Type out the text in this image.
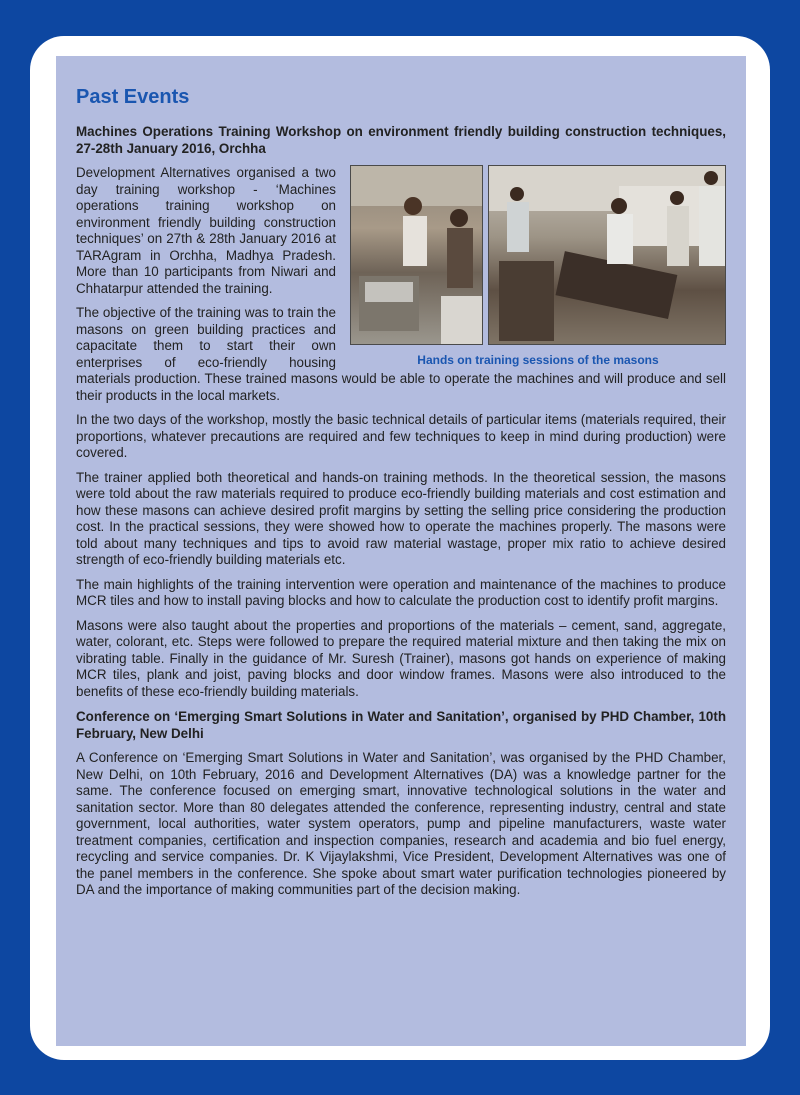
Past Events
Machines Operations Training Workshop on environment friendly building construction techniques, 27-28th January 2016, Orchha
Hands on training sessions of the masons

Development Alternatives organised a two day training workshop - ‘Machines operations training workshop on environment friendly building construction techniques’ on 27th & 28th January 2016 at TARAgram in Orchha, Madhya Pradesh. More than 10 participants from Niwari and Chhatarpur attended the training.

The objective of the training was to train the masons on green building practices and capacitate them to start their own enterprises of eco-friendly housing materials production. These trained masons would be able to operate the machines and will produce and sell their products in the local markets.

In the two days of the workshop, mostly the basic technical details of particular items (materials required, their proportions, whatever precautions are required and few techniques to keep in mind during production) were covered.

The trainer applied both theoretical and hands-on training methods. In the theoretical session, the masons were told about the raw materials required to produce eco-friendly building materials and cost estimation and how these masons can achieve desired profit margins by setting the selling price considering the production cost. In the practical sessions, they were showed how to operate the machines properly. The masons were told about many techniques and tips to avoid raw material wastage, proper mix ratio to achieve desired strength of eco-friendly building materials etc.

The main highlights of the training intervention were operation and maintenance of the machines to produce MCR tiles and how to install paving blocks and how to calculate the production cost to identify profit margins.

Masons were also taught about the properties and proportions of the materials – cement, sand, aggregate, water, colorant, etc. Steps were followed to prepare the required material mixture and then taking the mix on vibrating table. Finally in the guidance of Mr. Suresh (Trainer), masons got hands on experience of making MCR tiles, plank and joist, paving blocks and door window frames. Masons were also introduced to the benefits of these eco-friendly building materials.

Conference on ‘Emerging Smart Solutions in Water and Sanitation’, organised by PHD Chamber, 10th February, New Delhi

A Conference on ‘Emerging Smart Solutions in Water and Sanitation’, was organised by the PHD Chamber, New Delhi, on 10th February, 2016 and Development Alternatives (DA) was a knowledge partner for the same. The conference focused on emerging smart, innovative technological solutions in the water and sanitation sector. More than 80 delegates attended the conference, representing industry, central and state government, local authorities, water system operators, pump and pipeline manufacturers, waste water treatment companies, certification and inspection companies, research and academia and bio fuel energy, recycling and service companies. Dr. K Vijaylakshmi, Vice President, Development Alternatives was one of the panel members in the conference. She spoke about smart water purification technologies pioneered by DA and the importance of making communities part of the decision making.
